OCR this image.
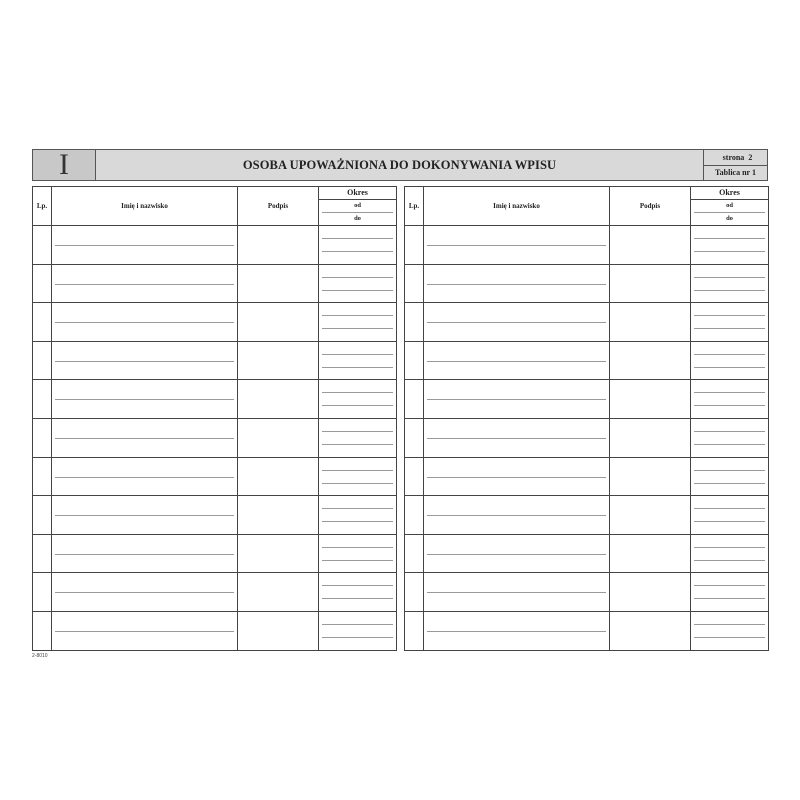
I	OSOBA UPOWAŻNIONA DO DOKONYWANIA WPISU
strona 2
Tablica nr 1
Lp.	Imię i nazwisko	Podpis	Okres
od
do

Lp.	Imię i nazwisko	Podpis	Okres
od
do

2-8010
